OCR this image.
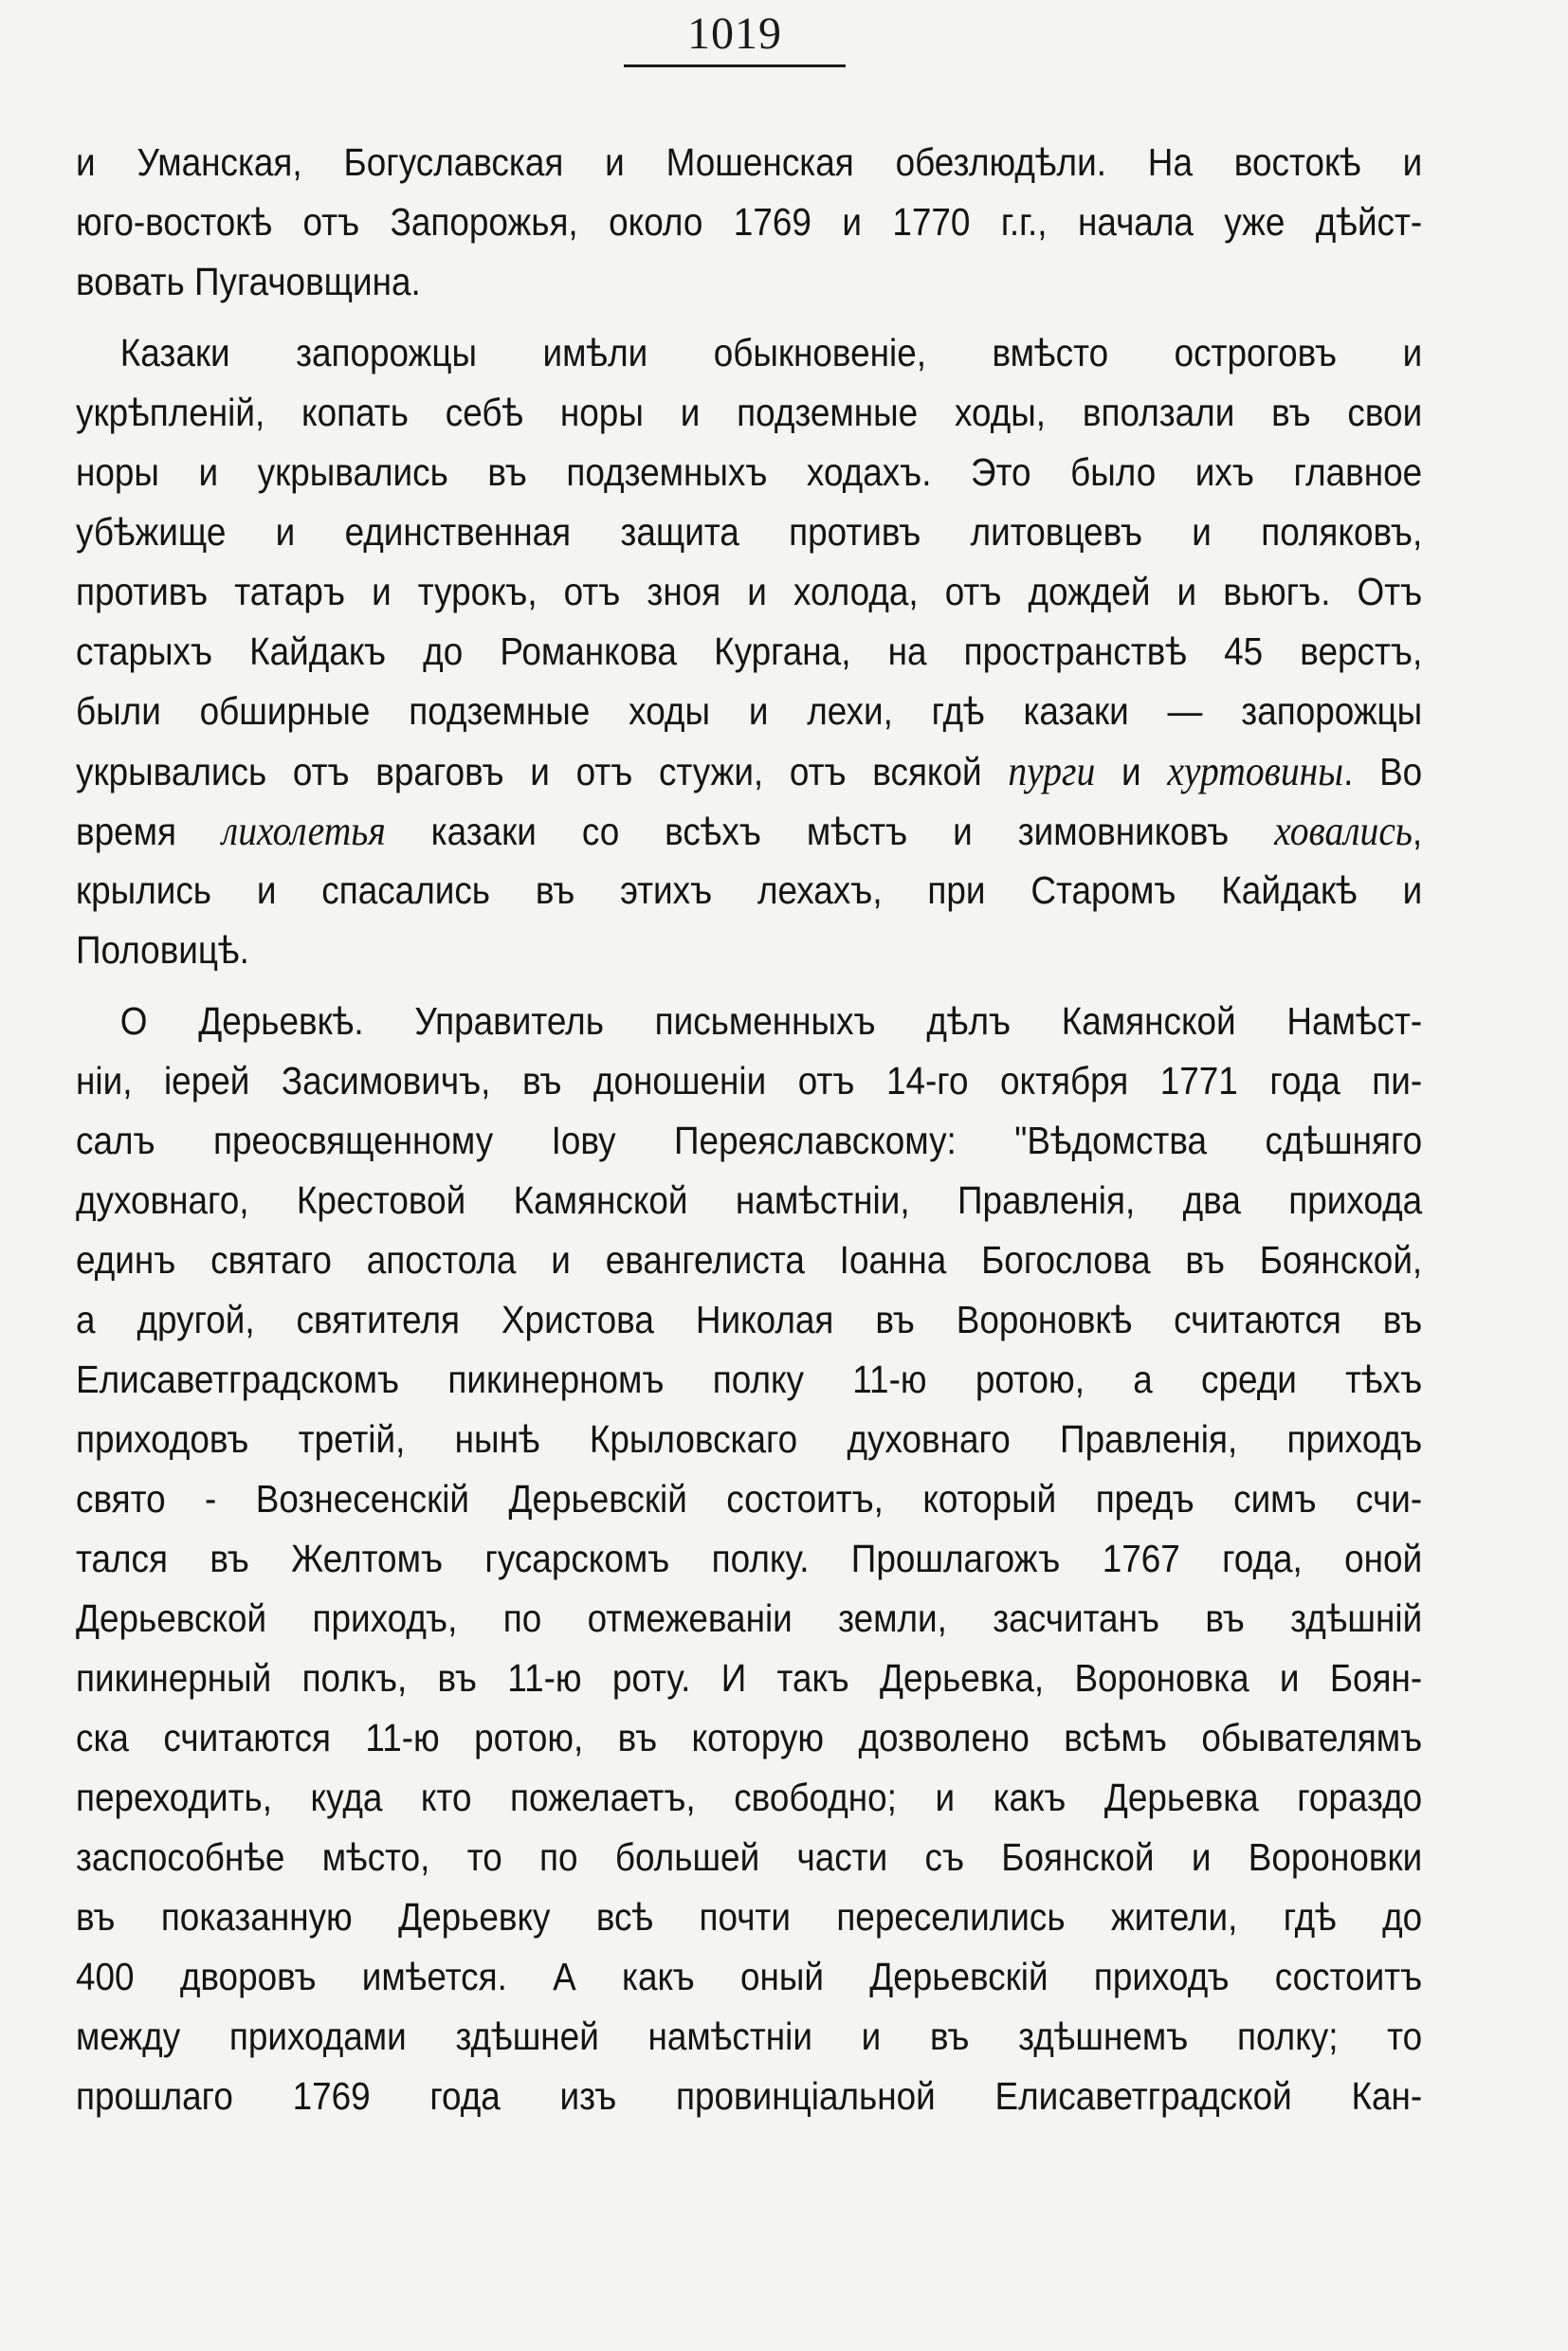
1019
и Уманская, Богуславская и Мошенская обезлюдѣли. На востокѣ и
юго-востокѣ отъ Запорожья, около 1769 и 1770 г.г., начала уже дѣйст-
вовать Пугачовщина.
Казаки запорожцы имѣли обыкновеніе, вмѣсто остроговъ и
укрѣпленій, копать себѣ норы и подземные ходы, вползали въ свои
норы и укрывались въ подземныхъ ходахъ. Это было ихъ главное
убѣжище и единственная защита противъ литовцевъ и поляковъ,
противъ татаръ и турокъ, отъ зноя и холода, отъ дождей и вьюгъ. Отъ
старыхъ Кайдакъ до Романкова Кургана, на пространствѣ 45 верстъ,
были обширные подземные ходы и лехи, гдѣ казаки — запорожцы
укрывались отъ враговъ и отъ стужи, отъ всякой пурги и хуртовины. Во
время лихолетья казаки со всѣхъ мѣстъ и зимовниковъ ховались,
крылись и спасались въ этихъ лехахъ, при Старомъ Кайдакѣ и
Половицѣ.
О Дерьевкѣ. Управитель письменныхъ дѣлъ Камянской Намѣст-
ніи, іерей Засимовичъ, въ доношеніи отъ 14-го октября 1771 года пи-
салъ преосвященному Іову Переяславскому: "Вѣдомства сдѣшняго
духовнаго, Крестовой Камянской намѣстніи, Правленія, два прихода
единъ святаго апостола и евангелиста Іоанна Богослова въ Боянской,
а другой, святителя Христова Николая въ Вороновкѣ считаются въ
Елисаветградскомъ пикинерномъ полку 11-ю ротою, а среди тѣхъ
приходовъ третій, нынѣ Крыловскаго духовнаго Правленія, приходъ
свято - Вознесенскій Дерьевскій состоитъ, который предъ симъ счи-
тался въ Желтомъ гусарскомъ полку. Прошлагожъ 1767 года, оной
Дерьевской приходъ, по отмежеваніи земли, засчитанъ въ здѣшній
пикинерный полкъ, въ 11-ю роту. И такъ Дерьевка, Вороновка и Боян-
ска считаются 11-ю ротою, въ которую дозволено всѣмъ обывателямъ
переходить, куда кто пожелаетъ, свободно; и какъ Дерьевка гораздо
заспособнѣе мѣсто, то по большей части съ Боянской и Вороновки
въ показанную Дерьевку всѣ почти переселились жители, гдѣ до
400 дворовъ имѣется. А какъ оный Дерьевскій приходъ состоитъ
между приходами здѣшней намѣстніи и въ здѣшнемъ полку; то
прошлаго 1769 года изъ провинціальной Елисаветградской Кан-
